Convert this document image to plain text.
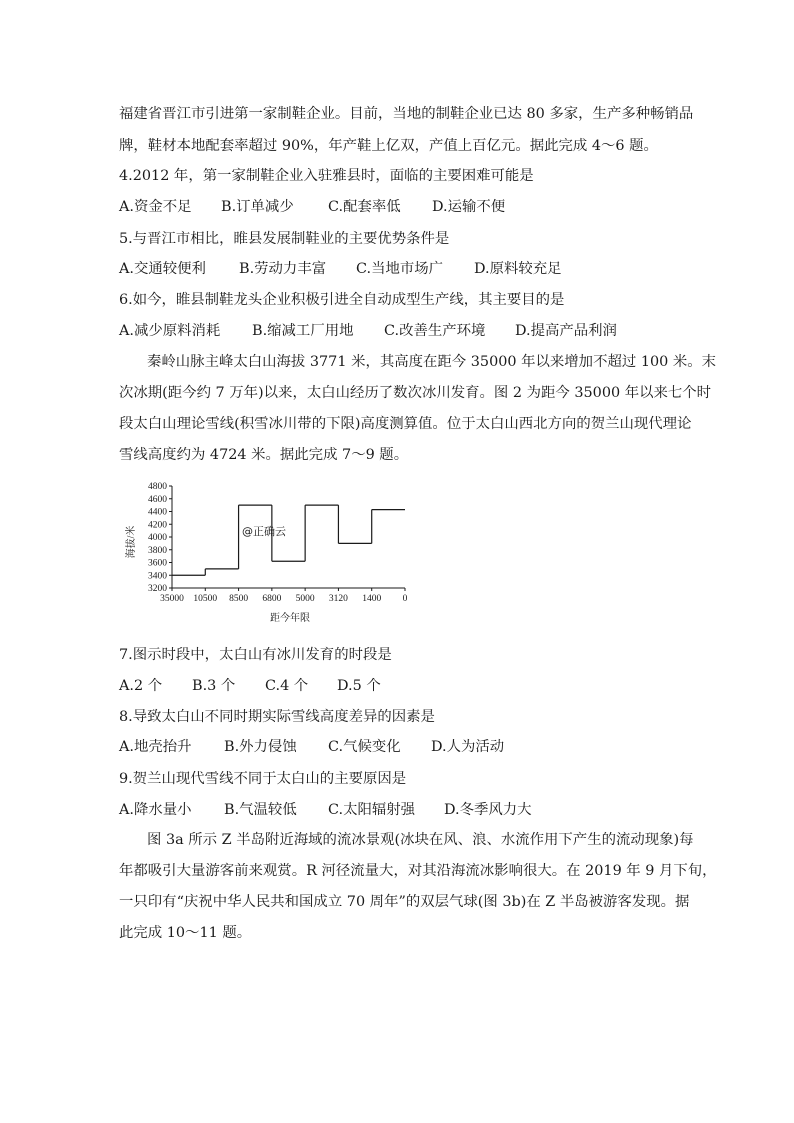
福建省晋江市引进第一家制鞋企业。目前，当地的制鞋企业已达 80 多家，生产多种畅销品
牌，鞋材本地配套率超过 90%，年产鞋上亿双，产值上百亿元。据此完成 4～6 题。
4.2012 年，第一家制鞋企业入驻雅县时，面临的主要困难可能是
A.资金不足 B.订单减少 C.配套率低 D.运输不便
5.与晋江市相比，睢县发展制鞋业的主要优势条件是
A.交通较便利 B.劳动力丰富 C.当地市场广 D.原料较充足
6.如今，睢县制鞋龙头企业积极引进全自动成型生产线，其主要目的是
A.减少原料消耗 B.缩减工厂用地 C.改善生产环境 D.提高产品利润
秦岭山脉主峰太白山海拔 3771 米，其高度在距今 35000 年以来增加不超过 100 米。末
次冰期(距今约 7 万年)以来，太白山经历了数次冰川发育。图 2 为距今 35000 年以来七个时
段太白山理论雪线(积雪冰川带的下限)高度测算值。位于太白山西北方向的贺兰山现代理论
雪线高度约为 4724 米。据此完成 7～9 题。
3200
3400
3600
3800
4000
4200
4400
4600
4800
35000 10500 8500 6800 5000 3120 1400 0
海拔/米
距今年限
@正确云
7.图示时段中，太白山有冰川发育的时段是
A.2 个 B.3 个 C.4 个 D.5 个
8.导致太白山不同时期实际雪线高度差异的因素是
A.地壳抬升 B.外力侵蚀 C.气候变化 D.人为活动
9.贺兰山现代雪线不同于太白山的主要原因是
A.降水量小 B.气温较低 C.太阳辐射强 D.冬季风力大
图 3a 所示 Z 半岛附近海域的流冰景观(冰块在风、浪、水流作用下产生的流动现象)每
年都吸引大量游客前来观赏。R 河径流量大，对其沿海流冰影响很大。在 2019 年 9 月下旬，
一只印有“庆祝中华人民共和国成立 70 周年”的双层气球(图 3b)在 Z 半岛被游客发现。据
此完成 10～11 题。
